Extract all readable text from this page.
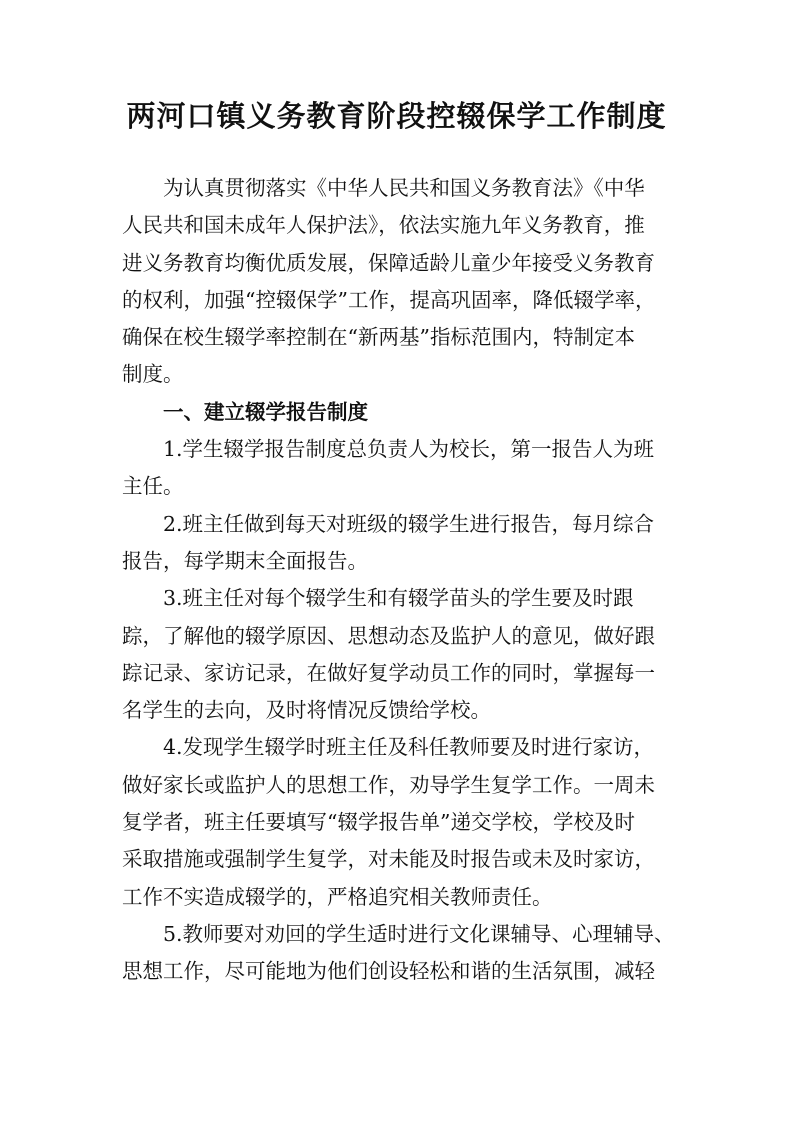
两河口镇义务教育阶段控辍保学工作制度
为认真贯彻落实《中华人民共和国义务教育法》《中华
人民共和国未成年人保护法》，依法实施九年义务教育，推
进义务教育均衡优质发展，保障适龄儿童少年接受义务教育
的权利，加强“控辍保学”工作，提高巩固率，降低辍学率，
确保在校生辍学率控制在“新两基”指标范围内，特制定本
制度。
一、建立辍学报告制度
1.学生辍学报告制度总负责人为校长，第一报告人为班
主任。
2.班主任做到每天对班级的辍学生进行报告，每月综合
报告，每学期末全面报告。
3.班主任对每个辍学生和有辍学苗头的学生要及时跟
踪，了解他的辍学原因、思想动态及监护人的意见，做好跟
踪记录、家访记录，在做好复学动员工作的同时，掌握每一
名学生的去向，及时将情况反馈给学校。
4.发现学生辍学时班主任及科任教师要及时进行家访，
做好家长或监护人的思想工作，劝导学生复学工作。一周未
复学者，班主任要填写“辍学报告单”递交学校，学校及时
采取措施或强制学生复学，对未能及时报告或未及时家访，
工作不实造成辍学的，严格追究相关教师责任。
5.教师要对劝回的学生适时进行文化课辅导、心理辅导、
思想工作，尽可能地为他们创设轻松和谐的生活氛围，减轻
